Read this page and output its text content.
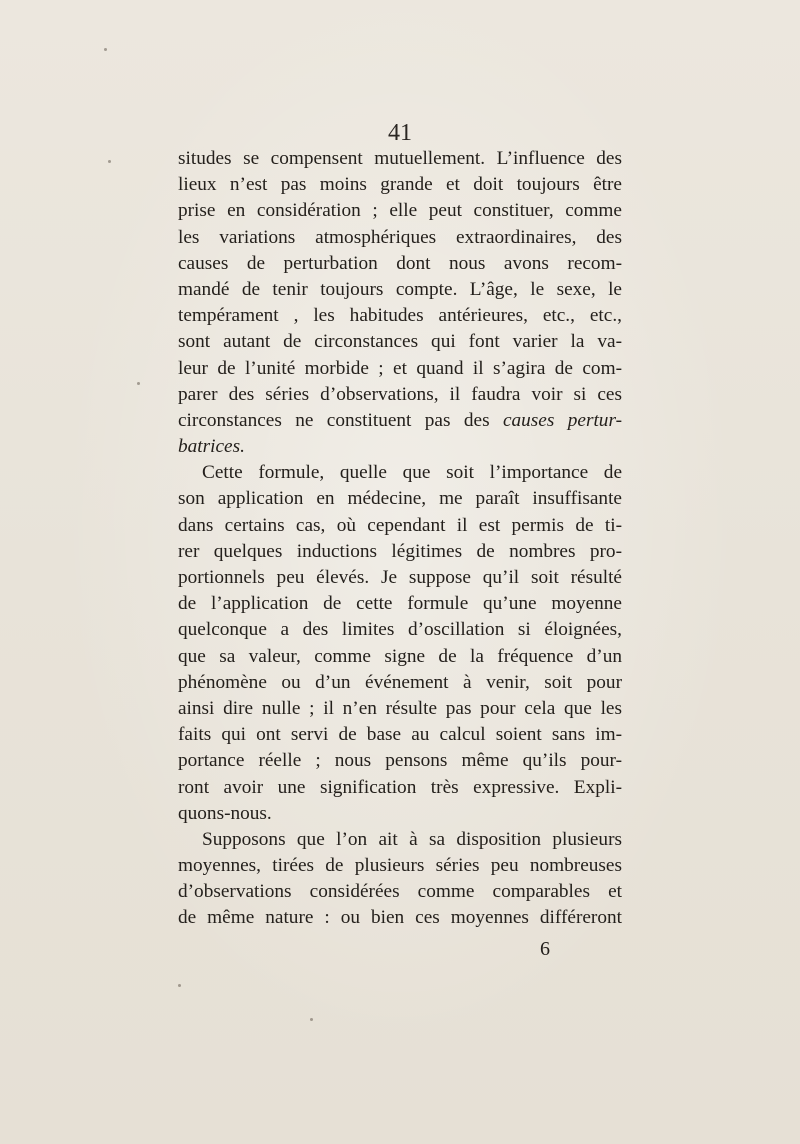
41
situdes se compensent mutuellement. L’influence des
lieux n’est pas moins grande et doit toujours être
prise en considération ; elle peut constituer, comme
les variations atmosphériques extraordinaires, des
causes de perturbation dont nous avons recom-
mandé de tenir toujours compte. L’âge, le sexe, le
tempérament , les habitudes antérieures, etc., etc.,
sont autant de circonstances qui font varier la va-
leur de l’unité morbide ; et quand il s’agira de com-
parer des séries d’observations, il faudra voir si ces
circonstances ne constituent pas des causes pertur-
batrices.
Cette formule, quelle que soit l’importance de
son application en médecine, me paraît insuffisante
dans certains cas, où cependant il est permis de ti-
rer quelques inductions légitimes de nombres pro-
portionnels peu élevés. Je suppose qu’il soit résulté
de l’application de cette formule qu’une moyenne
quelconque a des limites d’oscillation si éloignées,
que sa valeur, comme signe de la fréquence d’un
phénomène ou d’un événement à venir, soit pour
ainsi dire nulle ; il n’en résulte pas pour cela que les
faits qui ont servi de base au calcul soient sans im-
portance réelle ; nous pensons même qu’ils pour-
ront avoir une signification très expressive. Expli-
quons-nous.
Supposons que l’on ait à sa disposition plusieurs
moyennes, tirées de plusieurs séries peu nombreuses
d’observations considérées comme comparables et
de même nature : ou bien ces moyennes différeront
6
